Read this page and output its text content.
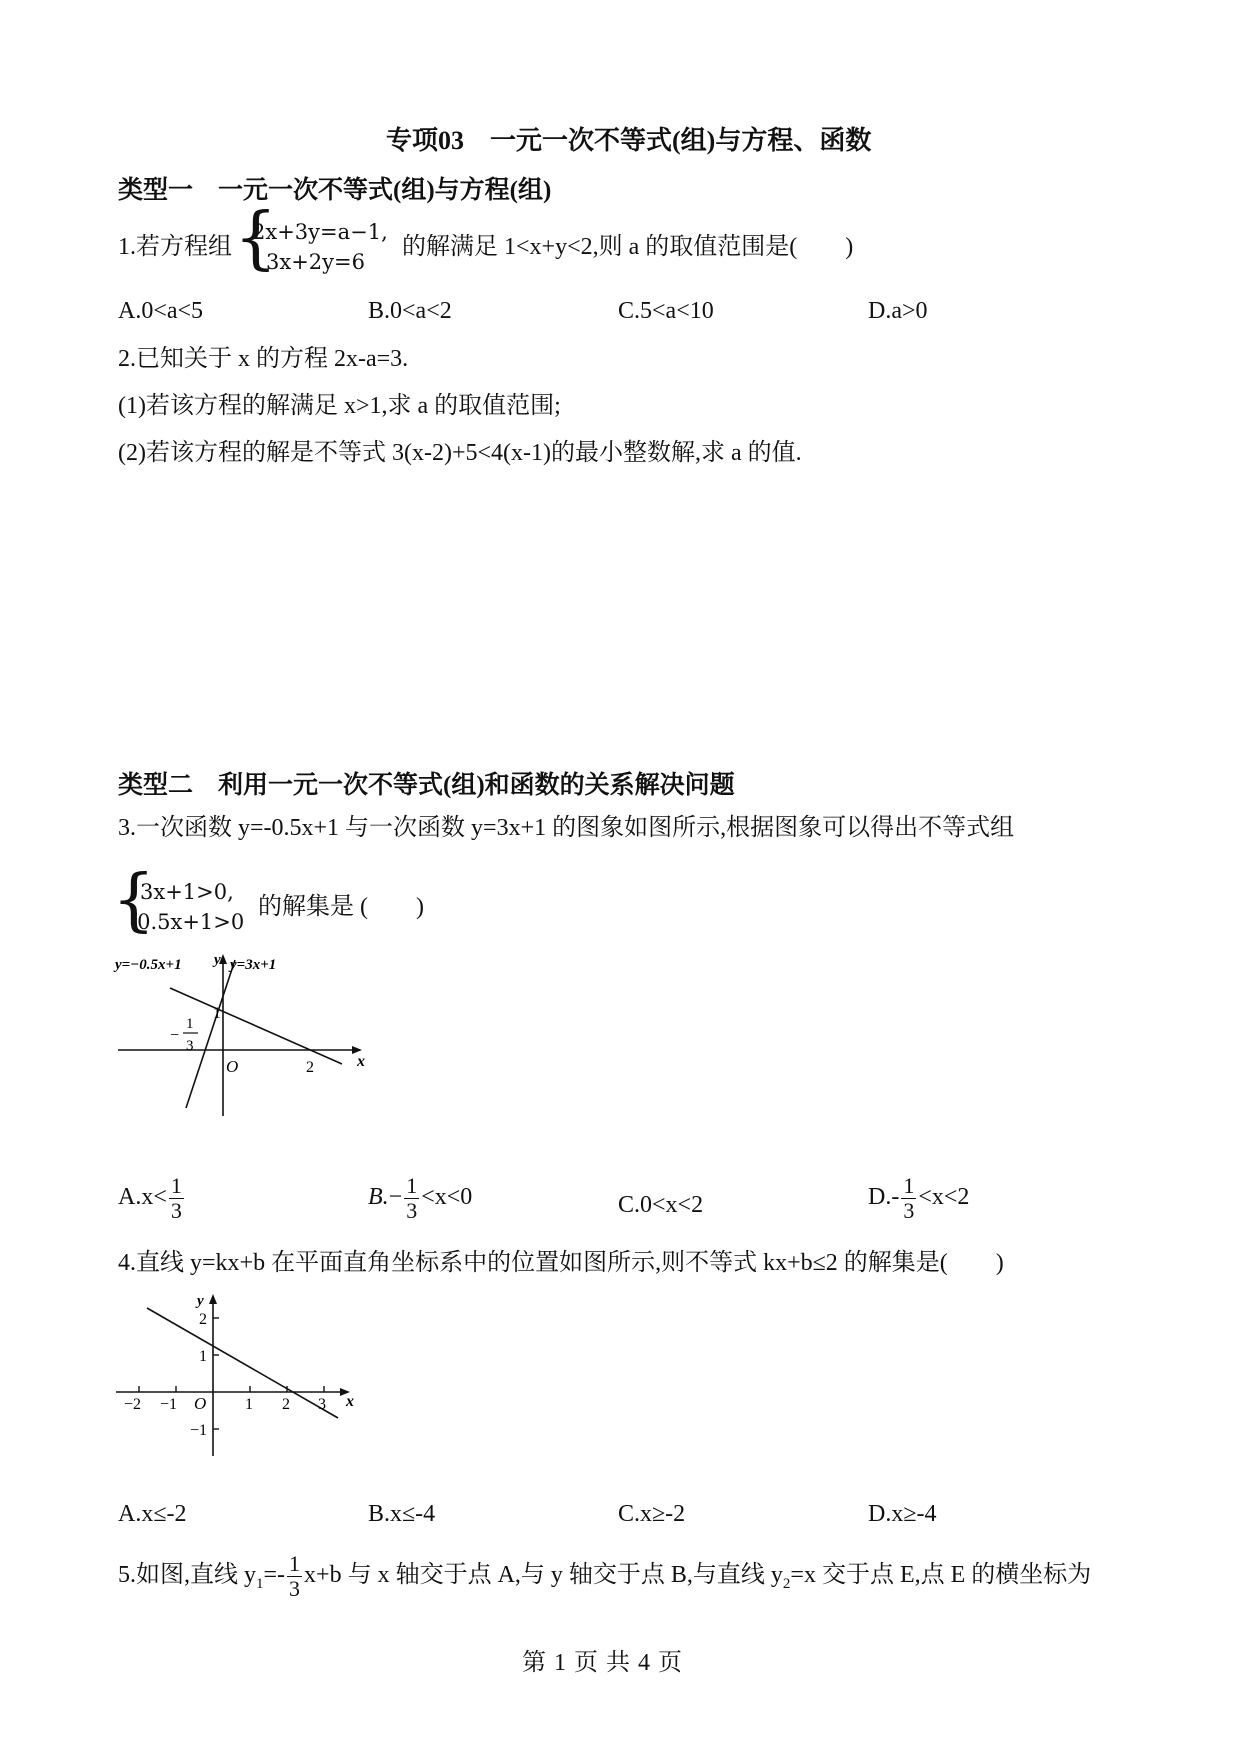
专项03　一元一次不等式(组)与方程、函数
类型一　一元一次不等式(组)与方程(组)
1.若方程组 {
2x+3y=a−1,
3x+2y=6
的解满足 1<x+y<2,则 a 的取值范围是(　　)
A.0<a<5	B.0<a<2	C.5<a<10	D.a>0
2.已知关于 x 的方程 2x-a=3.
(1)若该方程的解满足 x>1,求 a 的取值范围;
(2)若该方程的解是不等式 3(x-2)+5<4(x-1)的最小整数解,求 a 的值.
类型二　利用一元一次不等式(组)和函数的关系解决问题
3.一次函数 y=-0.5x+1 与一次函数 y=3x+1 的图象如图所示,根据图象可以得出不等式组
{
3x+1>0,
-0.5x+1>0
的解集是 (　　)
y=−0.5x+1	y=3x+1
y
x
O
1
2
−
1
3
$A.x< \frac{1}{3}$	$B.- \frac{1}{3} <x<0$	C.0<x<2	$D.- \frac{1}{3} <x<2$
4.直线 y=kx+b 在平面直角坐标系中的位置如图所示,则不等式 kx+b≤2 的解集是(　　)
y
x
O
−2 −1	1 2 3
2
1
−1
A.x≤-2	B.x≤-4	C.x≥-2	D.x≥-4
5.如图,直线 $y_1=- \frac{1}{3} x+b$ 与 x 轴交于点 A,与 y 轴交于点 B,与直线 $y_2=x$ 交于点 E,点 E 的横坐标为
第 1 页 共 4 页
